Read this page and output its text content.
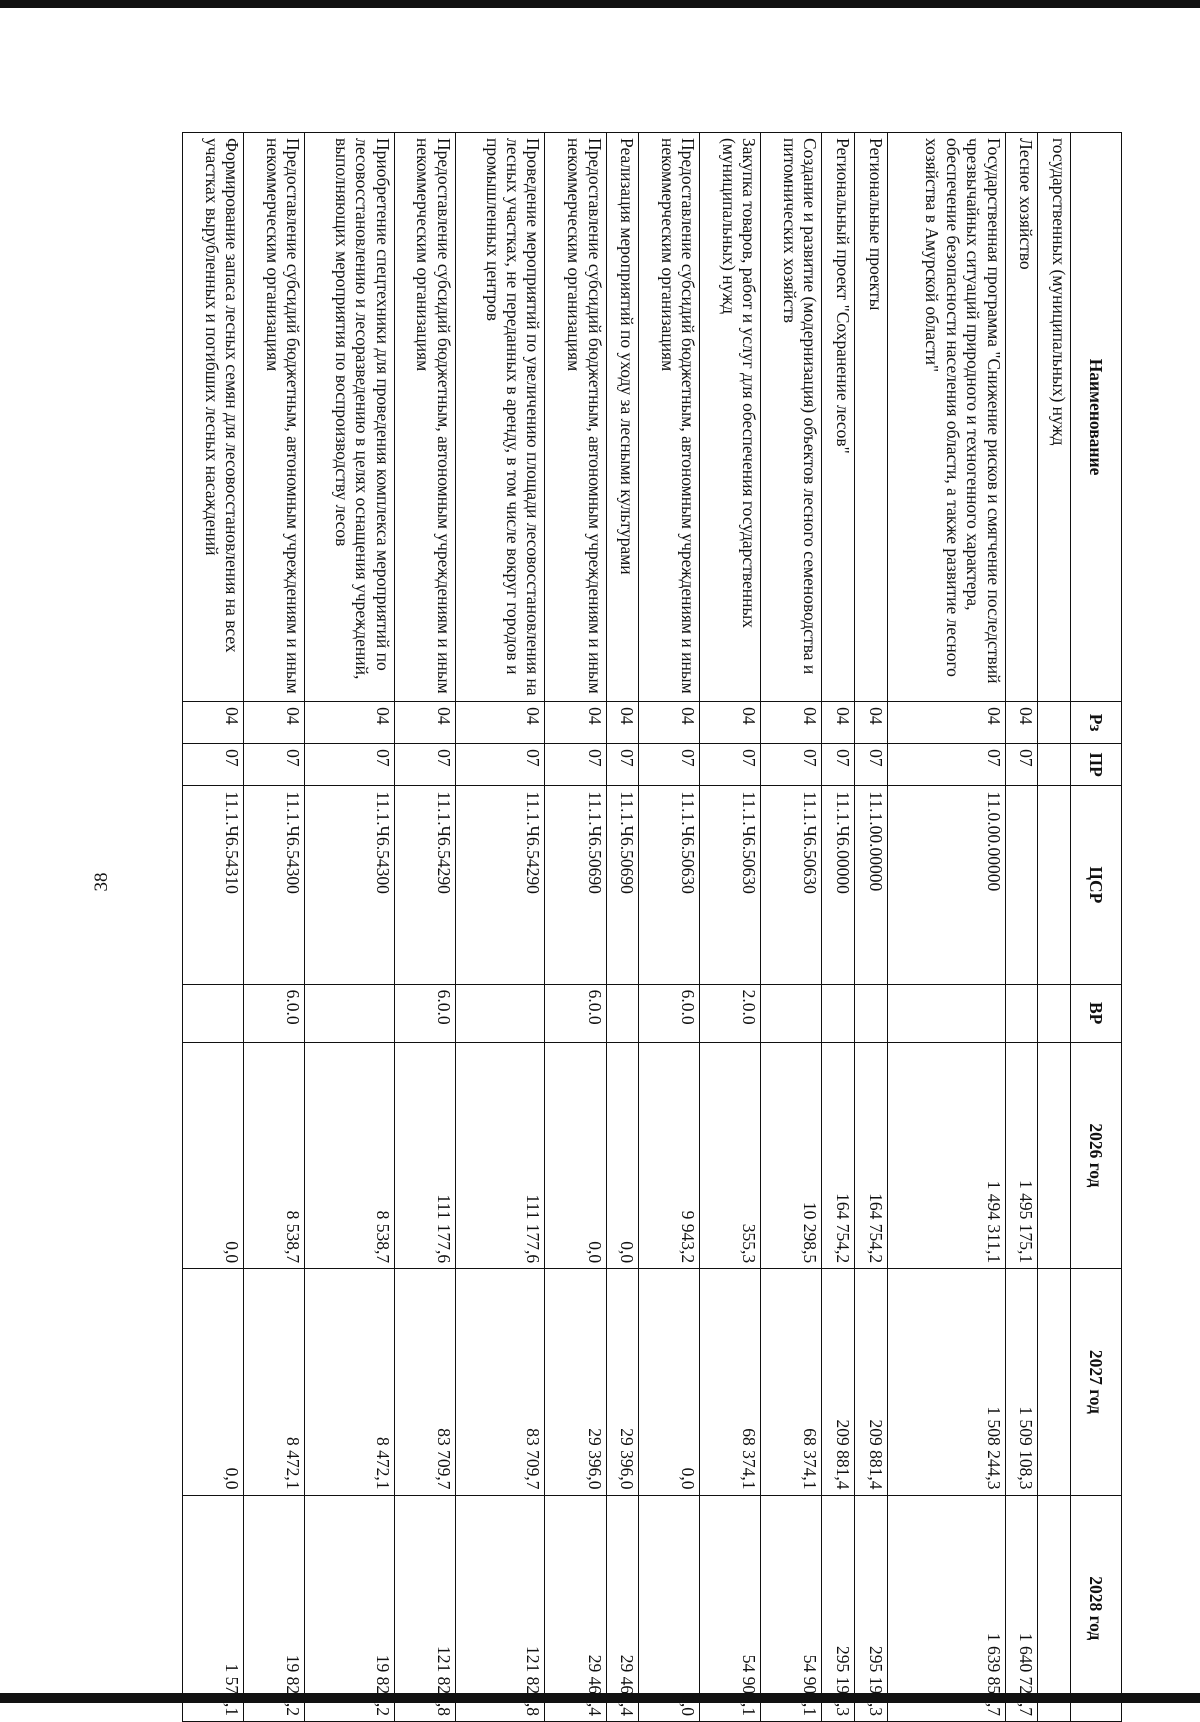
38
Наименование	Рз	ПР	ЦСР	ВР	2026 год	2027 год	2028 год
государственных (муниципальных) нужд							
Лесное хозяйство	04	07			1 495 175,1	1 509 108,3	1 640 723,7
Государственная программа "Снижение рисков и смягчение последствий чрезвычайных ситуаций природного и техногенного характера, обеспечение безопасности населения области, а также развитие лесного хозяйства в Амурской области"	04	07	11.0.00.00000		1 494 311,1	1 508 244,3	1 639 859,7
Региональные проекты	04	07	11.1.00.00000		164 754,2	209 881,4	295 196,3
Региональный проект "Сохранение лесов"	04	07	11.1.Ч6.00000		164 754,2	209 881,4	295 196,3
Создание и развитие (модернизация) объектов лесного семеноводства и питомнических хозяйств	04	07	11.1.Ч6.50630		10 298,5	68 374,1	54 909,1
Закупка товаров, работ и услуг для обеспечения государственных (муниципальных) нужд	04	07	11.1.Ч6.50630	2.0.0	355,3	68 374,1	54 909,1
Предоставление субсидий бюджетным, автономным учреждениям и иным некоммерческим организациям	04	07	11.1.Ч6.50630	6.0.0	9 943,2	0,0	0,0
Реализация мероприятий по уходу за лесными культурами	04	07	11.1.Ч6.50690		0,0	29 396,0	29 461,4
Предоставление субсидий бюджетным, автономным учреждениям и иным некоммерческим организациям	04	07	11.1.Ч6.50690	6.0.0	0,0	29 396,0	29 461,4
Проведение мероприятий по увеличению площади лесовосстановления на лесных участках, не переданных в аренду, в том числе вокруг городов и промышленных центров	04	07	11.1.Ч6.54290		111 177,6	83 709,7	121 829,8
Предоставление субсидий бюджетным, автономным учреждениям и иным некоммерческим организациям	04	07	11.1.Ч6.54290	6.0.0	111 177,6	83 709,7	121 829,8
Приобретение спецтехники для проведения комплекса мероприятий по лесовосстановлению и лесоразведению в целях оснащения учреждений, выполняющих мероприятия по воспроизводству лесов	04	07	11.1.Ч6.54300		8 538,7	8 472,1	19 827,2
Предоставление субсидий бюджетным, автономным учреждениям и иным некоммерческим организациям	04	07	11.1.Ч6.54300	6.0.0	8 538,7	8 472,1	19 827,2
Формирование запаса лесных семян для лесовосстановления на всех участках вырубленных и погибших лесных насаждений	04	07	11.1.Ч6.54310		0,0	0,0	1 571,1
